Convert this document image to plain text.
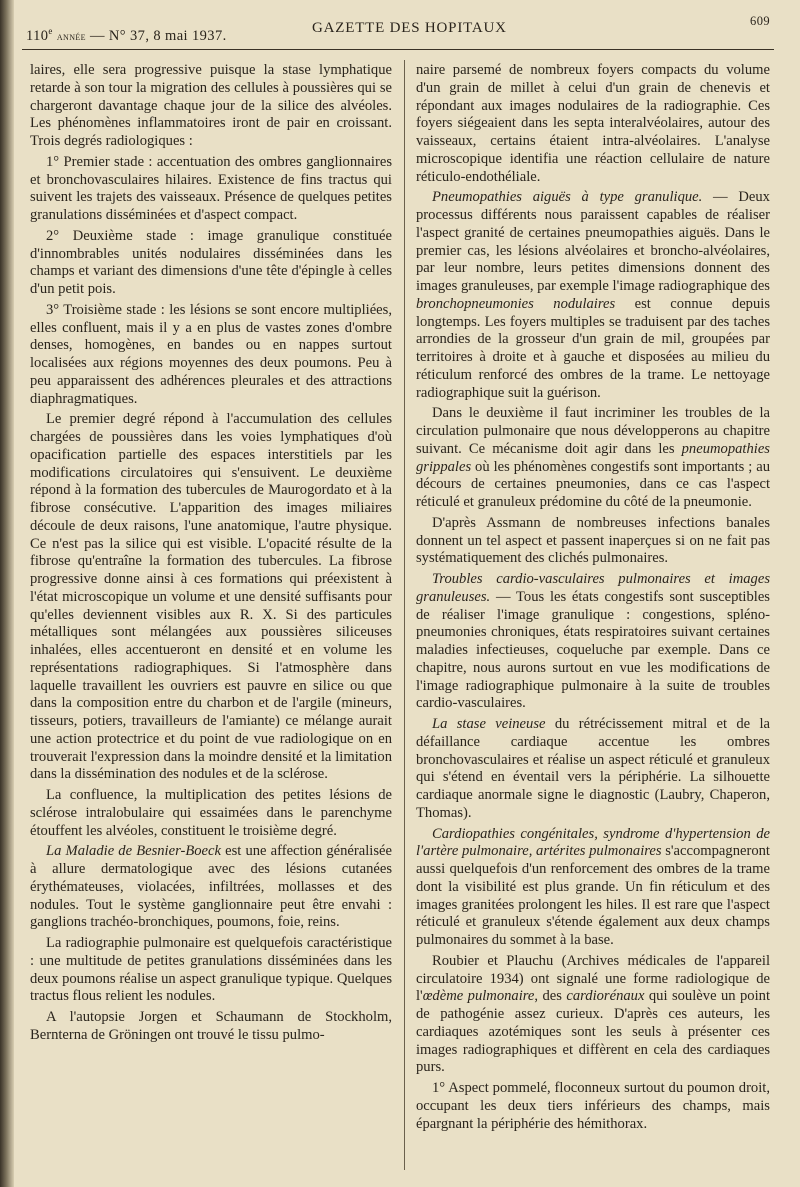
110e année — N° 37, 8 mai 1937.	GAZETTE DES HOPITAUX	609

laires, elle sera progressive puisque la stase lymphatique retarde à son tour la migration des cellules à poussières qui se chargeront davantage chaque jour de la silice des alvéoles. Les phénomènes inflammatoires iront de pair en croissant. Trois degrés radiologiques :

1° Premier stade : accentuation des ombres ganglionnaires et bronchovasculaires hilaires. Existence de fins tractus qui suivent les trajets des vaisseaux. Présence de quelques petites granulations disséminées et d'aspect compact.

2° Deuxième stade : image granulique constituée d'innombrables unités nodulaires disséminées dans les champs et variant des dimensions d'une tête d'épingle à celles d'un petit pois.

3° Troisième stade : les lésions se sont encore multipliées, elles confluent, mais il y a en plus de vastes zones d'ombre denses, homogènes, en bandes ou en nappes surtout localisées aux régions moyennes des deux poumons. Peu à peu apparaissent des adhérences pleurales et des attractions diaphragmatiques.

Le premier degré répond à l'accumulation des cellules chargées de poussières dans les voies lymphatiques d'où opacification partielle des espaces interstitiels par les modifications circulatoires qui s'ensuivent. Le deuxième répond à la formation des tubercules de Maurogordato et à la fibrose consécutive. L'apparition des images miliaires découle de deux raisons, l'une anatomique, l'autre physique. Ce n'est pas la silice qui est visible. L'opacité résulte de la fibrose qu'entraîne la formation des tubercules. La fibrose progressive donne ainsi à ces formations qui préexistent à l'état microscopique un volume et une densité suffisants pour qu'elles deviennent visibles aux R. X. Si des particules métalliques sont mélangées aux poussières siliceuses inhalées, elles accentueront en densité et en volume les représentations radiographiques. Si l'atmosphère dans laquelle travaillent les ouvriers est pauvre en silice ou que dans la composition entre du charbon et de l'argile (mineurs, tisseurs, potiers, travailleurs de l'amiante) ce mélange aurait une action protectrice et du point de vue radiologique on en trouverait l'expression dans la moindre densité et la limitation dans la dissémination des nodules et de la sclérose.

La confluence, la multiplication des petites lésions de sclérose intralobulaire qui essaimées dans le parenchyme étouffent les alvéoles, constituent le troisième degré.

La Maladie de Besnier-Boeck est une affection généralisée à allure dermatologique avec des lésions cutanées érythémateuses, violacées, infiltrées, mollasses et des nodules. Tout le système ganglionnaire peut être envahi : ganglions trachéo-bronchiques, poumons, foie, reins.

La radiographie pulmonaire est quelquefois caractéristique : une multitude de petites granulations disséminées dans les deux poumons réalise un aspect granulique typique. Quelques tractus flous relient les nodules.

A l'autopsie Jorgen et Schaumann de Stockholm, Bernterna de Gröningen ont trouvé le tissu pulmo-

naire parsemé de nombreux foyers compacts du volume d'un grain de millet à celui d'un grain de chenevis et répondant aux images nodulaires de la radiographie. Ces foyers siégeaient dans les septa interalvéolaires, autour des vaisseaux, certains étaient intra-alvéolaires. L'analyse microscopique identifia une réaction cellulaire de nature réticulo-endothéliale.

Pneumopathies aiguës à type granulique. — Deux processus différents nous paraissent capables de réaliser l'aspect granité de certaines pneumopathies aiguës. Dans le premier cas, les lésions alvéolaires et broncho-alvéolaires, par leur nombre, leurs petites dimensions donnent des images granuleuses, par exemple l'image radiographique des bronchopneumonies nodulaires est connue depuis longtemps. Les foyers multiples se traduisent par des taches arrondies de la grosseur d'un grain de mil, groupées par territoires à droite et à gauche et disposées au milieu du réticulum renforcé des ombres de la trame. Le nettoyage radiographique suit la guérison.

Dans le deuxième il faut incriminer les troubles de la circulation pulmonaire que nous développerons au chapitre suivant. Ce mécanisme doit agir dans les pneumopathies grippales où les phénomènes congestifs sont importants ; au décours de certaines pneumonies, dans ce cas l'aspect réticulé et granuleux prédomine du côté de la pneumonie.

D'après Assmann de nombreuses infections banales donnent un tel aspect et passent inaperçues si on ne fait pas systématiquement des clichés pulmonaires.

Troubles cardio-vasculaires pulmonaires et images granuleuses. — Tous les états congestifs sont susceptibles de réaliser l'image granulique : congestions, spléno-pneumonies chroniques, états respiratoires suivant certaines maladies infectieuses, coqueluche par exemple. Dans ce chapitre, nous aurons surtout en vue les modifications de l'image radiographique pulmonaire à la suite de troubles cardio-vasculaires.

La stase veineuse du rétrécissement mitral et de la défaillance cardiaque accentue les ombres bronchovasculaires et réalise un aspect réticulé et granuleux qui s'étend en éventail vers la périphérie. La silhouette cardiaque anormale signe le diagnostic (Laubry, Chaperon, Thomas).

Cardiopathies congénitales, syndrome d'hypertension de l'artère pulmonaire, artérites pulmonaires s'accompagneront aussi quelquefois d'un renforcement des ombres de la trame dont la visibilité est plus grande. Un fin réticulum et des images granitées prolongent les hiles. Il est rare que l'aspect réticulé et granuleux s'étende également aux deux champs pulmonaires du sommet à la base.

Roubier et Plauchu (Archives médicales de l'appareil circulatoire 1934) ont signalé une forme radiologique de l'œdème pulmonaire, des cardiorénaux qui soulève un point de pathogénie assez curieux. D'après ces auteurs, les cardiaques azotémiques sont les seuls à présenter ces images radiographiques et diffèrent en cela des cardiaques purs.

1° Aspect pommelé, floconneux surtout du poumon droit, occupant les deux tiers inférieurs des champs, mais épargnant la périphérie des hémithorax.
